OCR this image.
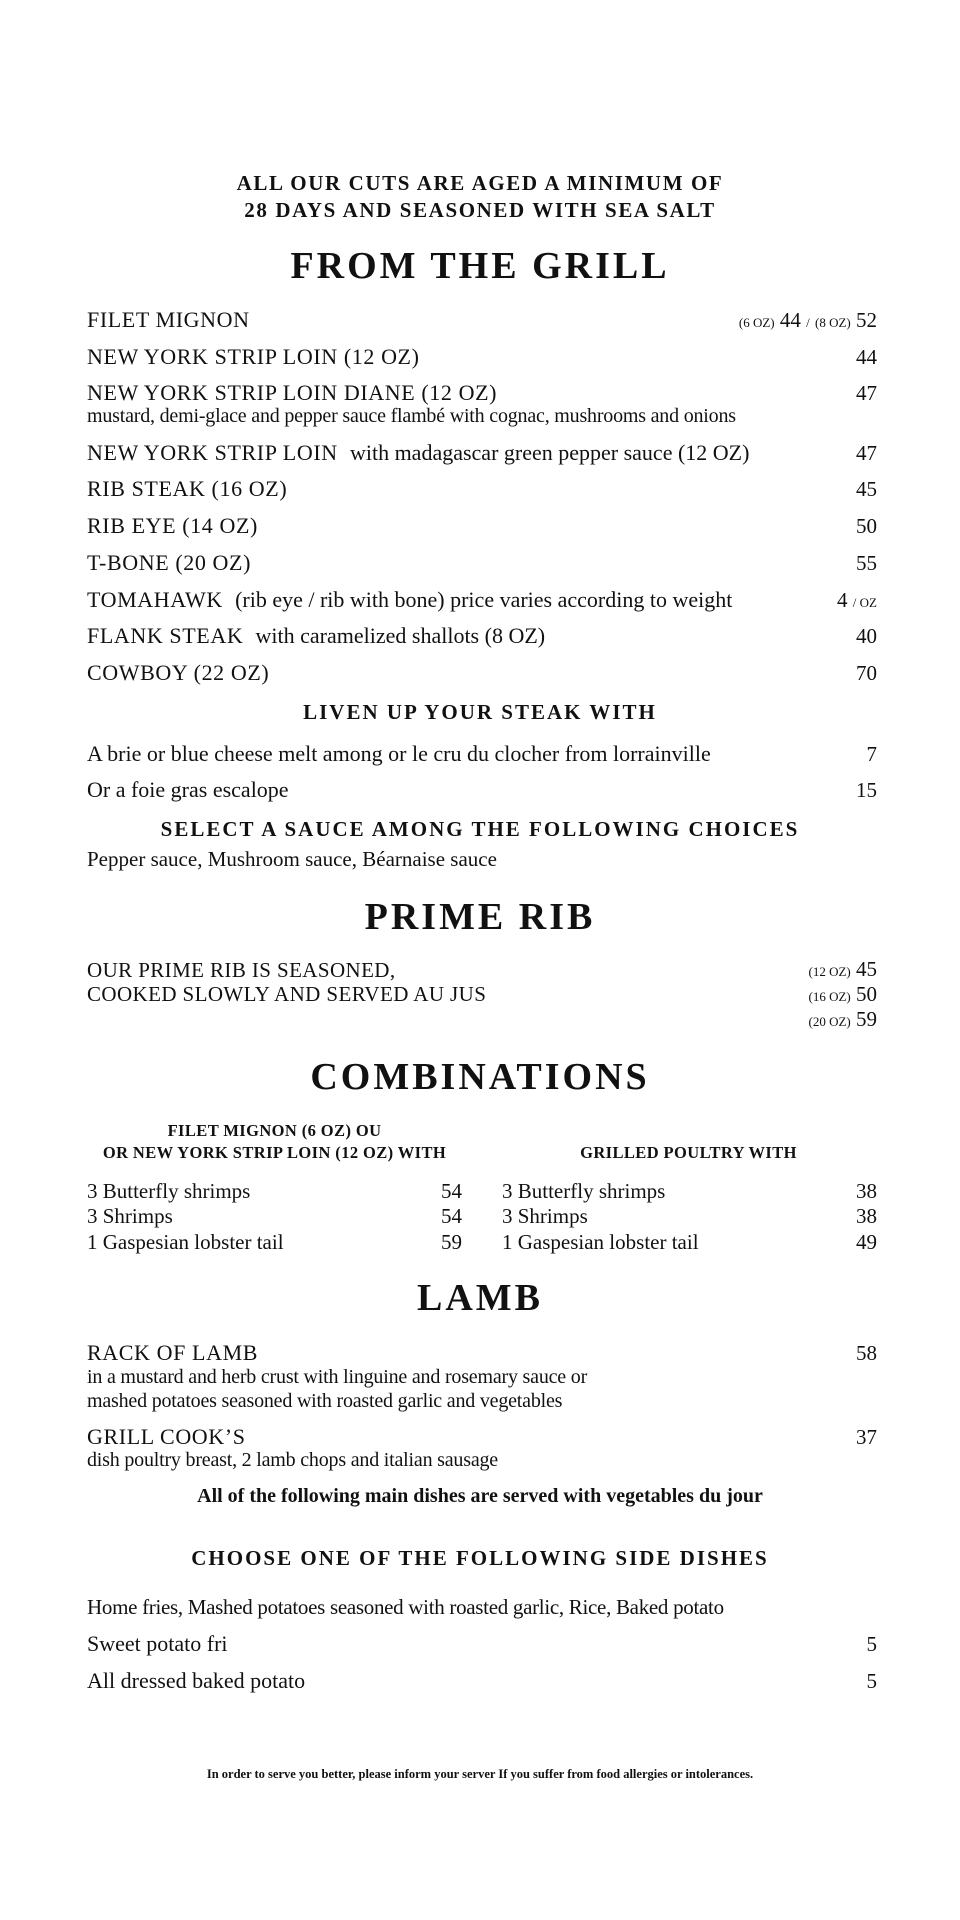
ALL OUR CUTS ARE AGED A MINIMUM OF
28 DAYS AND SEASONED WITH SEA SALT
FROM THE GRILL
FILET MIGNON	(6 OZ) 44 / (8 OZ) 52
NEW YORK STRIP LOIN (12 OZ)	44
NEW YORK STRIP LOIN DIANE (12 OZ)	47
mustard, demi-glace and pepper sauce flambé with cognac, mushrooms and onions
NEW YORK STRIP LOIN with madagascar green pepper sauce (12 OZ)	47
RIB STEAK (16 OZ)	45
RIB EYE (14 OZ)	50
T-BONE (20 OZ)	55
TOMAHAWK (rib eye / rib with bone) price varies according to weight	4 / OZ
FLANK STEAK with caramelized shallots (8 OZ)	40
COWBOY (22 OZ)	70
LIVEN UP YOUR STEAK WITH
A brie or blue cheese melt among or le cru du clocher from lorrainville	7
Or a foie gras escalope	15
SELECT A SAUCE AMONG THE FOLLOWING CHOICES
Pepper sauce, Mushroom sauce, Béarnaise sauce
PRIME RIB
OUR PRIME RIB IS SEASONED,
COOKED SLOWLY AND SERVED AU JUS
(12 OZ) 45
(16 OZ) 50
(20 OZ) 59
COMBINATIONS
FILET MIGNON (6 OZ) OU
OR NEW YORK STRIP LOIN (12 OZ) WITH	GRILLED POULTRY WITH
3 Butterfly shrimps	54
3 Shrimps	54
1 Gaspesian lobster tail	59
3 Butterfly shrimps	38
3 Shrimps	38
1 Gaspesian lobster tail	49
LAMB
RACK OF LAMB	58
in a mustard and herb crust with linguine and rosemary sauce or
mashed potatoes seasoned with roasted garlic and vegetables
GRILL COOK’S	37
dish poultry breast, 2 lamb chops and italian sausage
All of the following main dishes are served with vegetables du jour
CHOOSE ONE OF THE FOLLOWING SIDE DISHES
Home fries, Mashed potatoes seasoned with roasted garlic, Rice, Baked potato
Sweet potato fri	5
All dressed baked potato	5
In order to serve you better, please inform your server If you suffer from food allergies or intolerances.
